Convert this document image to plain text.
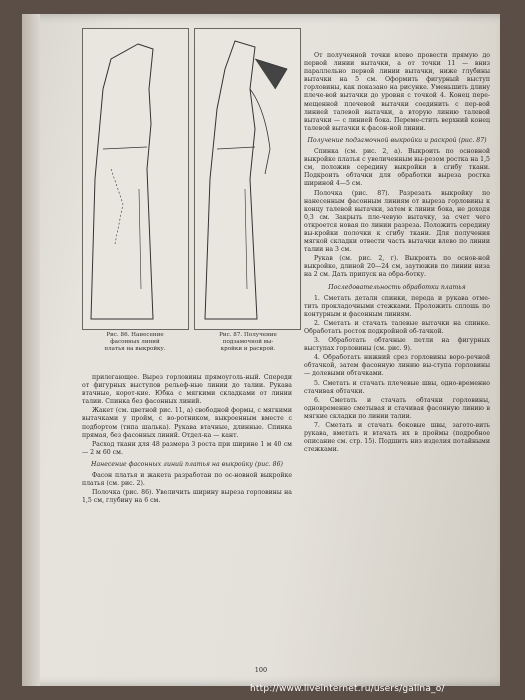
Рис. 86. Нанесение
фасонных линий
платья на выкройку.
Рис. 87. Получение
подзамочной вы-
кройки и раскрой.

прилегающее. Вырез горловины прямоуголь-ный. Спереди от фигурных выступов рельеф-ные линии до талии. Рукава втачные, корот-кие. Юбка с мягкими складками от линии талии. Спинка без фасонных линий.

Жакет (см. цветной рис. 11, а) свободной формы, с мягкими вытачками у пройм, с во-ротником, выкроенным вместе с подбортом (типа шалька). Рукава втачные, длинные. Спинка прямая, без фасонных линий. Отдел-ка — кант.

Расход ткани для 48 размера 3 роста при ширине 1 м 40 см — 2 м 60 см.

Нанесение фасонных линий платья на выкройку (рис. 86)

Фасон платья и жакета разработан по ос-новной выкройке платья (см. рис. 2).

Полочка (рис. 86). Увеличить ширину выреза горловины на 1,5 см, глубину на 6 см.

От полученной точки влево провести прямую до первой линии вытачки, а от точки 11 — вниз параллельно первой линии вытачки, ниже глубины вытачки на 5 см. Оформить фигурный выступ горловины, как показано на рисунке. Уменьшить длину плече-вой вытачки до уровня с точкой 4. Конец пере-мещенной плечевой вытачки соединить с пер-вой линией талевой вытачки, а вторую линию талевой вытачки — с линией бока. Переме-стить верхний конец талевой вытачки к фасон-ной линии.

Получение подзамочной выкройки и раскрой (рис. 87)

Спинка (см. рис. 2, а). Выкроить по основной выкройке платья с увеличенным вы-резом ростка на 1,5 см, положив середину выкройки в сгибу ткани. Подкроить обтачки для обработки выреза ростка шириной 4—5 см.

Полочка (рис. 87). Разрезать выкройку по нанесенным фасонным линиям от выреза горловины к концу талевой вытачки, затем к линии бока, не доходя 0,3 см. Закрыть пле-чевую вытачку, за счет чего откроется новая по линии разреза. Положить середину вы-кройки полочки к сгибу ткани. Для получения мягкой складки отвести часть вытачки влево по линии талии на 3 см.

Рукав (см. рис. 2, г). Выкроить по основ-ной выкройке, длиной 20—24 см, заутюжив по линии низа на 2 см. Дать припуск на обра-ботку.

Последовательность обработки платья

1. Сметать детали спинки, переда и рукава отме-тить прокладочными стежками. Проложить сплошь по контурным и фасонным линиям.

2. Сметать и стачать талевые вытачки на спинке. Обработать росток подкройной об-тачкой.

3. Обработать обтачные петли на фигурных выступах горловины (см. рис. 9).

4. Обработать нижний срез горловины воро-речной обтачкой, затем фасонную линию вы-ступа горловины — долевыми обтачками.

5. Сметать и стачать плечевые швы, одно-временно стачивая обтачки.

6. Сметать и стачать обтачки горловины, одновременно сметывая и стачивая фасонную линию в мягкие складки по линии талии.

7. Сметать и стачать боковые швы, загото-вить рукава, вметать и втачать их в проймы (подробное описание см. стр. 15). Подшить низ изделия потайными стежками.

100
http://www.liveinternet.ru/users/galina_o/
